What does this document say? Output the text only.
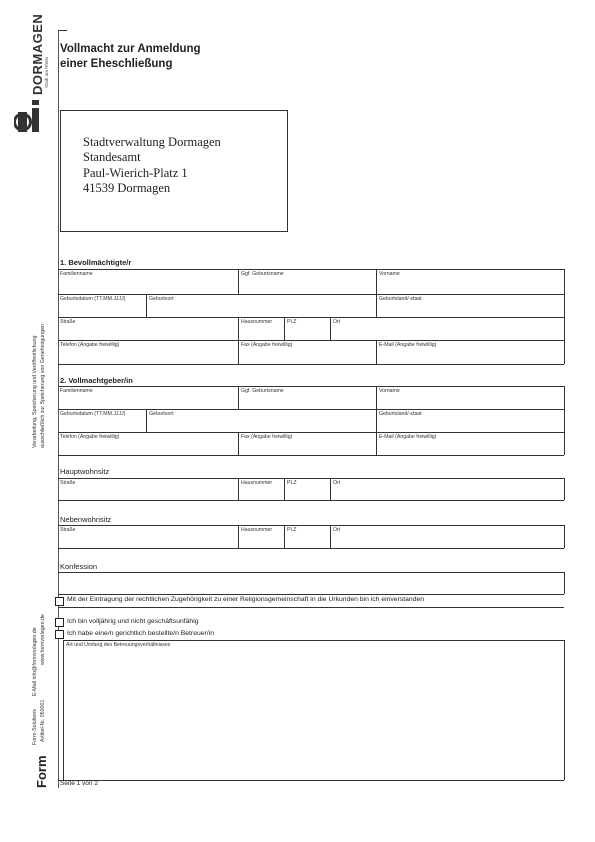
DORMAGEN Stadt am Rhein
Verarbeitung, Speicherung und Veröffentlichung ausschließlich zur Speicherung von Genehmigungen
E-Mail info@formvorlagen.de www.formvorlagen.de
Form-Solutions Artikel-Nr. 050001
Form
Vollmacht zur Anmeldung
einer Eheschließung
Stadtverwaltung Dormagen
Standesamt
Paul-Wierich-Platz 1
41539 Dormagen
1. Bevollmächtigte/r
Familienname	Ggf. Geburtsname	Vorname
Geburtsdatum (TT.MM.JJJJ)	Geburtsort	Geburtsland/-staat
Straße	Hausnummer	PLZ	Ort
Telefon (Angabe freiwillig)	Fax (Angabe freiwillig)	E-Mail (Angabe freiwillig)
2. Vollmachtgeber/in
Familienname	Ggf. Geburtsname	Vorname
Geburtsdatum (TT.MM.JJJJ)	Geburtsort	Geburtsland/-staat
Telefon (Angabe freiwillig)	Fax (Angabe freiwillig)	E-Mail (Angabe freiwillig)
Hauptwohnsitz
Straße	Hausnummer	PLZ	Ort
Nebenwohnsitz
Straße	Hausnummer	PLZ	Ort
Konfession
Mit der Eintragung der rechtlichen Zugehörigkeit zu einer Religionsgemeinschaft in die Urkunden bin ich einverstanden
Ich bin volljährig und nicht geschäftsunfähig
Ich habe eine/n gerichtlich bestellte/n Betreuer/in
Art und Umfang des Betreuungsverhältnisses
Seite 1 von 2
